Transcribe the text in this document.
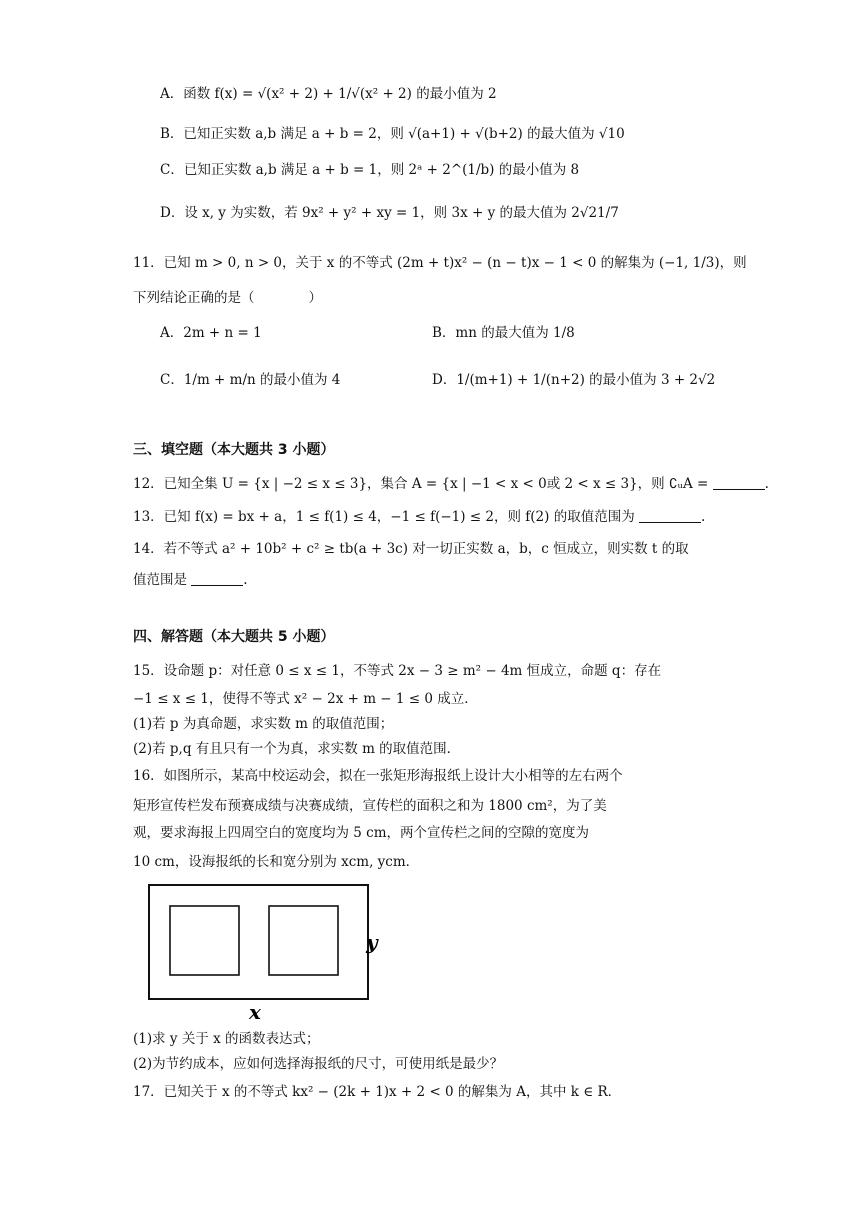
A．函数 f(x) = √(x² + 2) + 1/√(x² + 2) 的最小值为 2
B．已知正实数 a,b 满足 a + b = 2，则 √(a+1) + √(b+2) 的最大值为 √10
C．已知正实数 a,b 满足 a + b = 1，则 2ᵃ + 2^(1/b) 的最小值为 8
D．设 x, y 为实数，若 9x² + y² + xy = 1，则 3x + y 的最大值为 2√21/7
11．已知 m > 0, n > 0，关于 x 的不等式 (2m + t)x² − (n − t)x − 1 < 0 的解集为 (−1, 1/3)，则
下列结论正确的是（　　　　）
A．2m + n = 1	B．mn 的最大值为 1/8
C．1/m + m/n 的最小值为 4	D．1/(m+1) + 1/(n+2) 的最小值为 3 + 2√2
三、填空题（本大题共 3 小题）
12．已知全集 U = {x | −2 ≤ x ≤ 3}，集合 A = {x | −1 < x < 0或 2 < x ≤ 3}，则 ∁ᵤA =	.
13．已知 f(x) = bx + a，1 ≤ f(1) ≤ 4，−1 ≤ f(−1) ≤ 2，则 f(2) 的取值范围为	.
14．若不等式 a² + 10b² + c² ≥ tb(a + 3c) 对一切正实数 a，b，c 恒成立，则实数 t 的取
值范围是	.
四、解答题（本大题共 5 小题）
15．设命题 p：对任意 0 ≤ x ≤ 1，不等式 2x − 3 ≥ m² − 4m 恒成立，命题 q：存在
−1 ≤ x ≤ 1，使得不等式 x² − 2x + m − 1 ≤ 0 成立．
(1)若 p 为真命题，求实数 m 的取值范围；
(2)若 p,q 有且只有一个为真，求实数 m 的取值范围．
16．如图所示，某高中校运动会，拟在一张矩形海报纸上设计大小相等的左右两个
矩形宣传栏发布预赛成绩与决赛成绩，宣传栏的面积之和为 1800 cm²，为了美
观，要求海报上四周空白的宽度均为 5 cm，两个宣传栏之间的空隙的宽度为
10 cm，设海报纸的长和宽分别为 xcm, ycm．
y
x
(1)求 y 关于 x 的函数表达式；
(2)为节约成本，应如何选择海报纸的尺寸，可使用纸是最少？
17．已知关于 x 的不等式 kx² − (2k + 1)x + 2 < 0 的解集为 A，其中 k ∈ R．
